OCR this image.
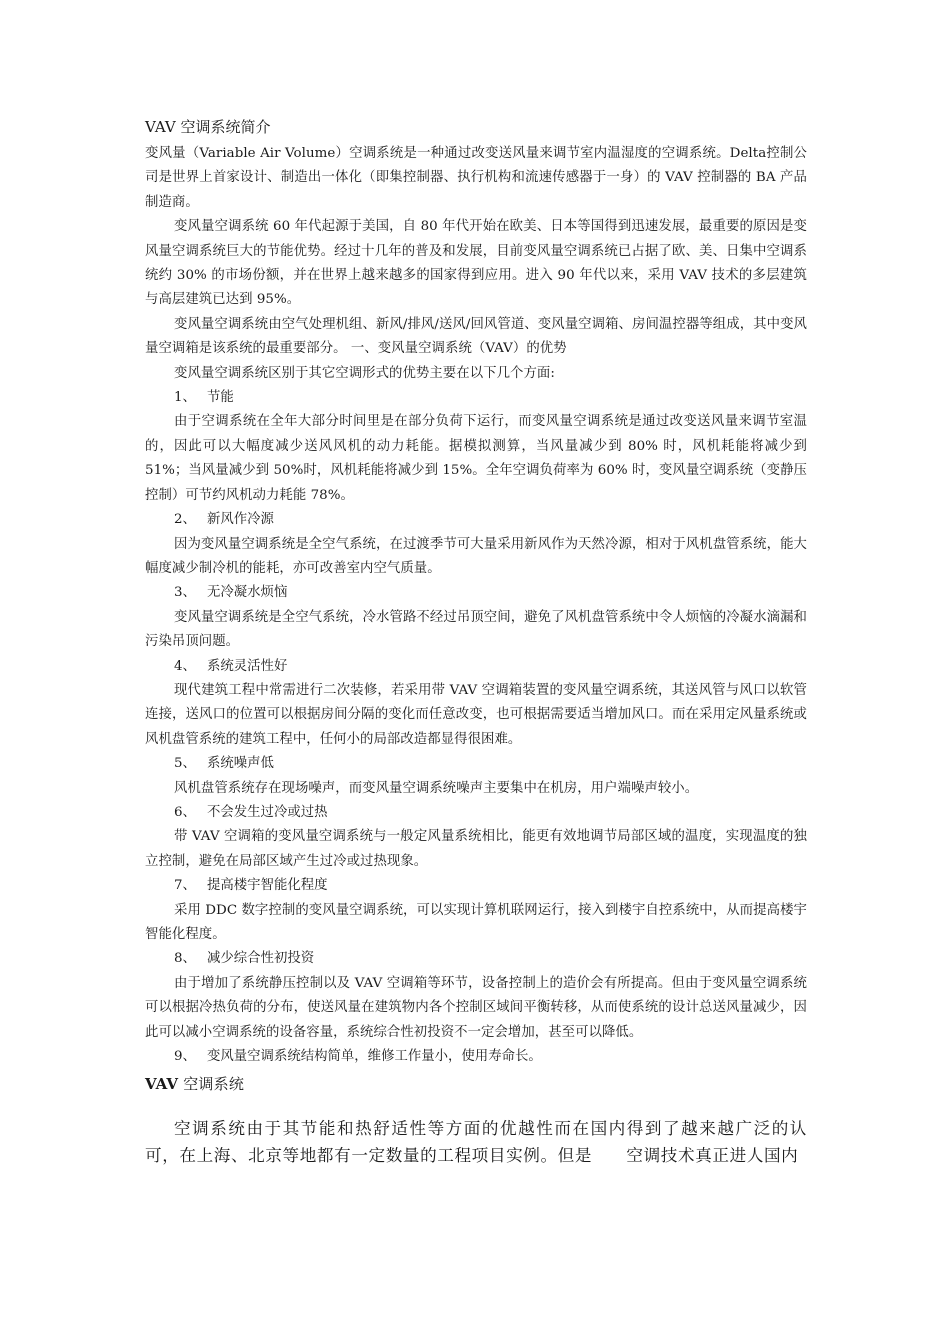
VAV 空调系统简介

变风量（Variable Air Volume）空调系统是一种通过改变送风量来调节室内温湿度的空调系统。Delta控制公司是世界上首家设计、制造出一体化（即集控制器、执行机构和流速传感器于一身）的 VAV 控制器的 BA 产品制造商。

变风量空调系统 60 年代起源于美国，自 80 年代开始在欧美、日本等国得到迅速发展，最重要的原因是变风量空调系统巨大的节能优势。经过十几年的普及和发展，目前变风量空调系统已占据了欧、美、日集中空调系统约 30% 的市场份额，并在世界上越来越多的国家得到应用。进入 90 年代以来，采用 VAV 技术的多层建筑与高层建筑已达到 95%。

变风量空调系统由空气处理机组、新风/排风/送风/回风管道、变风量空调箱、房间温控器等组成，其中变风量空调箱是该系统的最重要部分。 一、变风量空调系统（VAV）的优势

变风量空调系统区别于其它空调形式的优势主要在以下几个方面:

1、 节能

由于空调系统在全年大部分时间里是在部分负荷下运行，而变风量空调系统是通过改变送风量来调节室温的，因此可以大幅度减少送风风机的动力耗能。据模拟测算，当风量减少到 80% 时，风机耗能将减少到 51%；当风量减少到 50%时，风机耗能将减少到 15%。全年空调负荷率为 60% 时，变风量空调系统（变静压控制）可节约风机动力耗能 78%。

2、 新风作冷源

因为变风量空调系统是全空气系统，在过渡季节可大量采用新风作为天然冷源，相对于风机盘管系统，能大幅度减少制冷机的能耗，亦可改善室内空气质量。

3、 无冷凝水烦恼

变风量空调系统是全空气系统，冷水管路不经过吊顶空间，避免了风机盘管系统中令人烦恼的冷凝水滴漏和污染吊顶问题。

4、 系统灵活性好

现代建筑工程中常需进行二次装修，若采用带 VAV 空调箱装置的变风量空调系统，其送风管与风口以软管连接，送风口的位置可以根据房间分隔的变化而任意改变，也可根据需要适当增加风口。而在采用定风量系统或风机盘管系统的建筑工程中，任何小的局部改造都显得很困难。

5、 系统噪声低

风机盘管系统存在现场噪声，而变风量空调系统噪声主要集中在机房，用户端噪声较小。

6、 不会发生过冷或过热

带 VAV 空调箱的变风量空调系统与一般定风量系统相比，能更有效地调节局部区域的温度，实现温度的独立控制，避免在局部区域产生过冷或过热现象。

7、 提高楼宇智能化程度

采用 DDC 数字控制的变风量空调系统，可以实现计算机联网运行，接入到楼宇自控系统中，从而提高楼宇智能化程度。

8、 减少综合性初投资

由于增加了系统静压控制以及 VAV 空调箱等环节，设备控制上的造价会有所提高。但由于变风量空调系统可以根据冷热负荷的分布，使送风量在建筑物内各个控制区域间平衡转移，从而使系统的设计总送风量减少，因此可以减小空调系统的设备容量，系统综合性初投资不一定会增加，甚至可以降低。

9、 变风量空调系统结构简单，维修工作量小，使用寿命长。

VAV 空调系统

空调系统由于其节能和热舒适性等方面的优越性而在国内得到了越来越广泛的认可，在上海、北京等地都有一定数量的工程项目实例。但是　　空调技术真正进人国内
